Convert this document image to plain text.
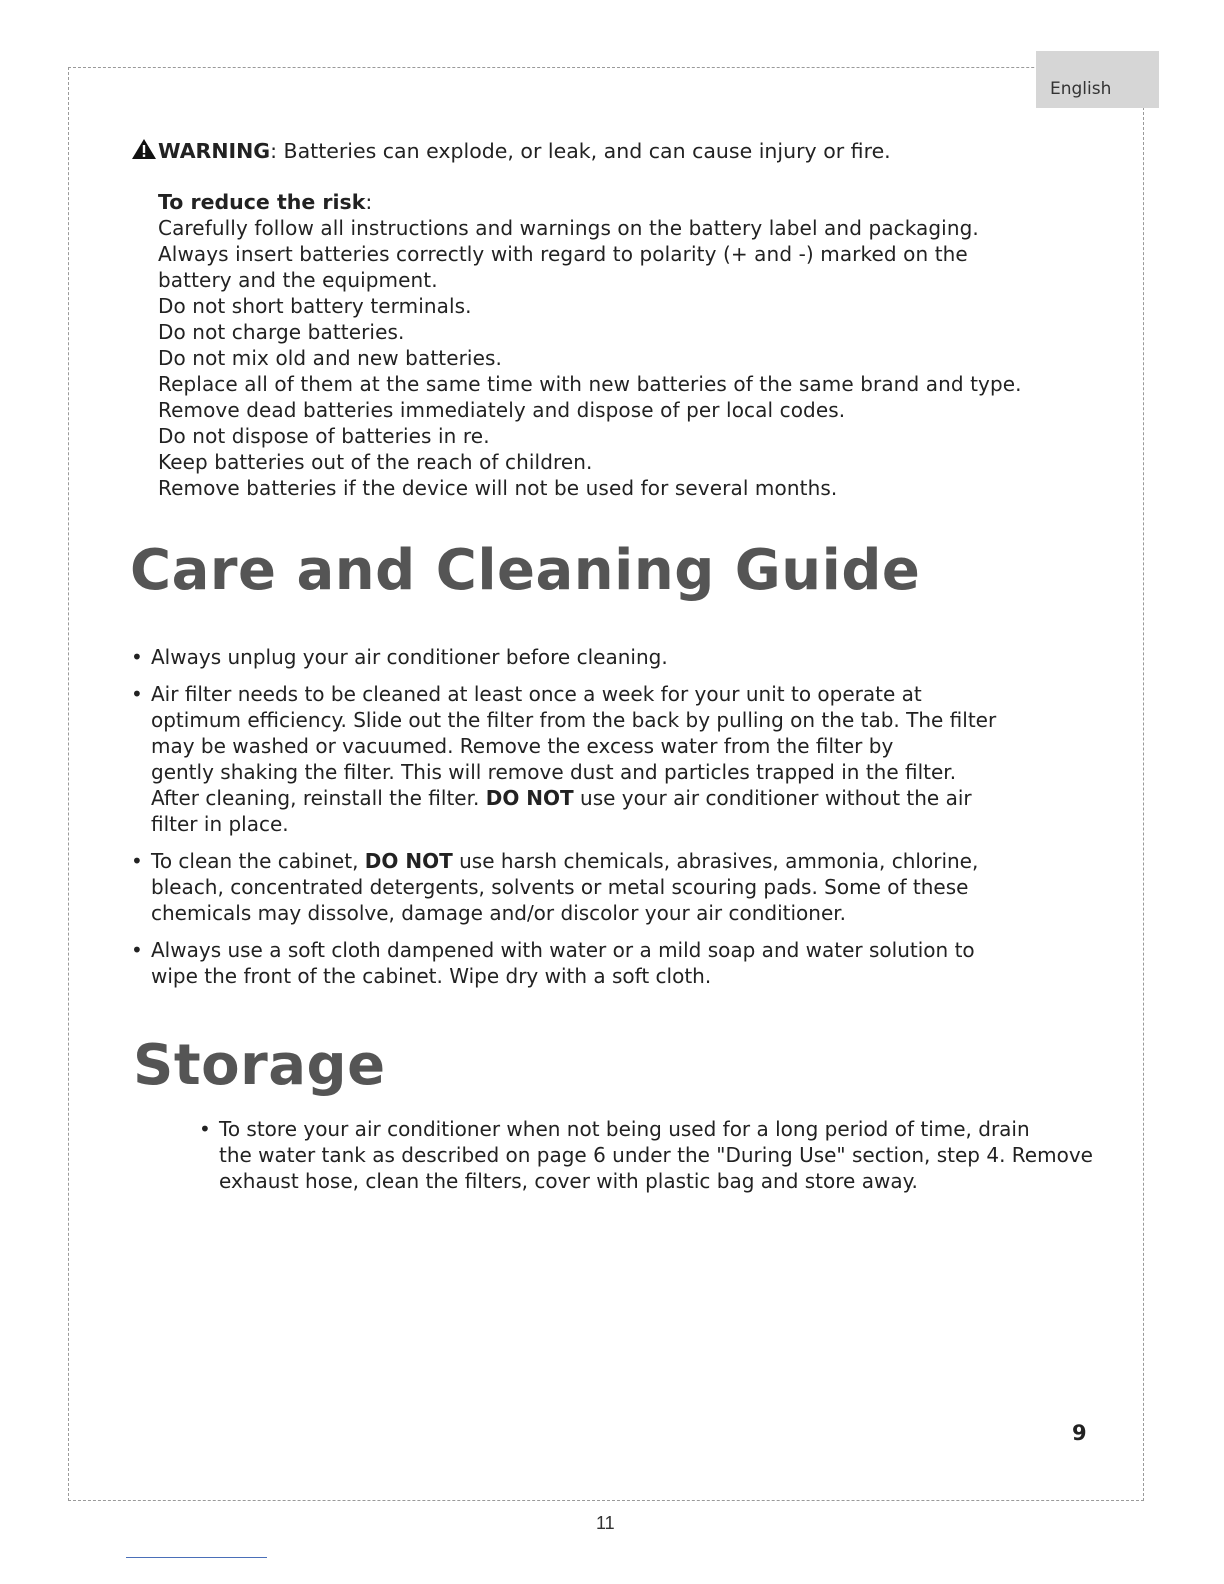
English
WARNING: Batteries can explode, or leak, and can cause injury or fire.
To reduce the risk:
Carefully follow all instructions and warnings on the battery label and packaging.
Always insert batteries correctly with regard to polarity (+ and -) marked on the
battery and the equipment.
Do not short battery terminals.
Do not charge batteries.
Do not mix old and new batteries.
Replace all of them at the same time with new batteries of the same brand and type.
Remove dead batteries immediately and dispose of per local codes.
Do not dispose of batteries in re.
Keep batteries out of the reach of children.
Remove batteries if the device will not be used for several months.
Care and Cleaning Guide
• Always unplug your air conditioner before cleaning.
• Air filter needs to be cleaned at least once a week for your unit to operate at
optimum efficiency. Slide out the filter from the back by pulling on the tab. The filter
may be washed or vacuumed. Remove the excess water from the filter by
gently shaking the filter. This will remove dust and particles trapped in the filter.
After cleaning, reinstall the filter. DO NOT use your air conditioner without the air
filter in place.
• To clean the cabinet, DO NOT use harsh chemicals, abrasives, ammonia, chlorine,
bleach, concentrated detergents, solvents or metal scouring pads. Some of these
chemicals may dissolve, damage and/or discolor your air conditioner.
• Always use a soft cloth dampened with water or a mild soap and water solution to
wipe the front of the cabinet. Wipe dry with a soft cloth.
Storage
• To store your air conditioner when not being used for a long period of time, drain
the water tank as described on page 6 under the "During Use" section, step 4. Remove
exhaust hose, clean the filters, cover with plastic bag and store away.
9
11
